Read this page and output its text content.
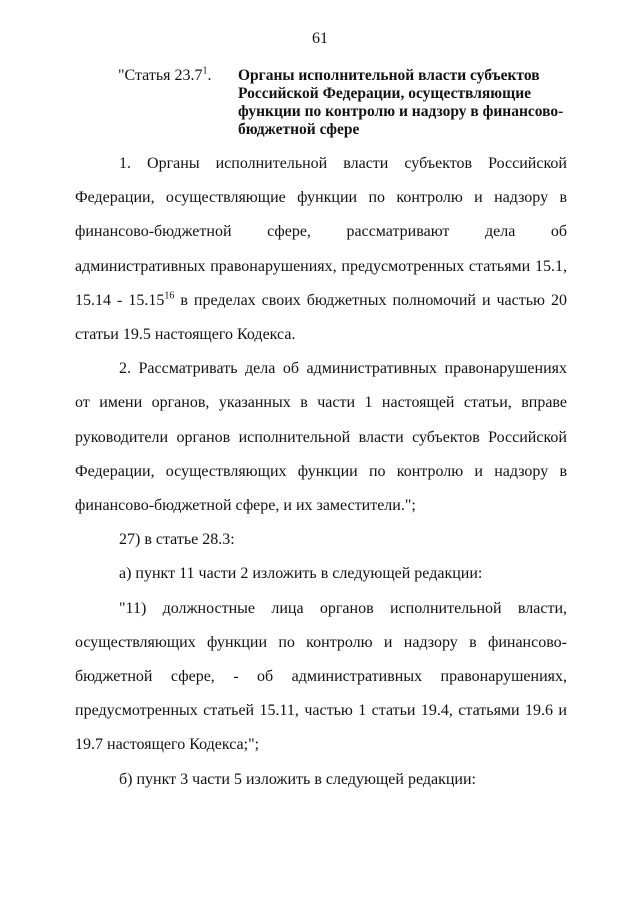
61
"Статья 23.7$^1$. Органы исполнительной власти субъектов Российской Федерации, осуществляющие функции по контролю и надзору в финансово-бюджетной сфере

1. Органы исполнительной власти субъектов Российской Федерации, осуществляющие функции по контролю и надзору в финансово-бюджетной сфере, рассматривают дела об административных правонарушениях, предусмотренных статьями 15.1, 15.14 - 15.15$^{16}$ в пределах своих бюджетных полномочий и частью 20 статьи 19.5 настоящего Кодекса.

2. Рассматривать дела об административных правонарушениях от имени органов, указанных в части 1 настоящей статьи, вправе руководители органов исполнительной власти субъектов Российской Федерации, осуществляющих функции по контролю и надзору в финансово-бюджетной сфере, и их заместители.";

27) в статье 28.3:

а) пункт 11 части 2 изложить в следующей редакции:

"11) должностные лица органов исполнительной власти, осуществляющих функции по контролю и надзору в финансово-бюджетной сфере, - об административных правонарушениях, предусмотренных статьей 15.11, частью 1 статьи 19.4, статьями 19.6 и 19.7 настоящего Кодекса;";

б) пункт 3 части 5 изложить в следующей редакции:
